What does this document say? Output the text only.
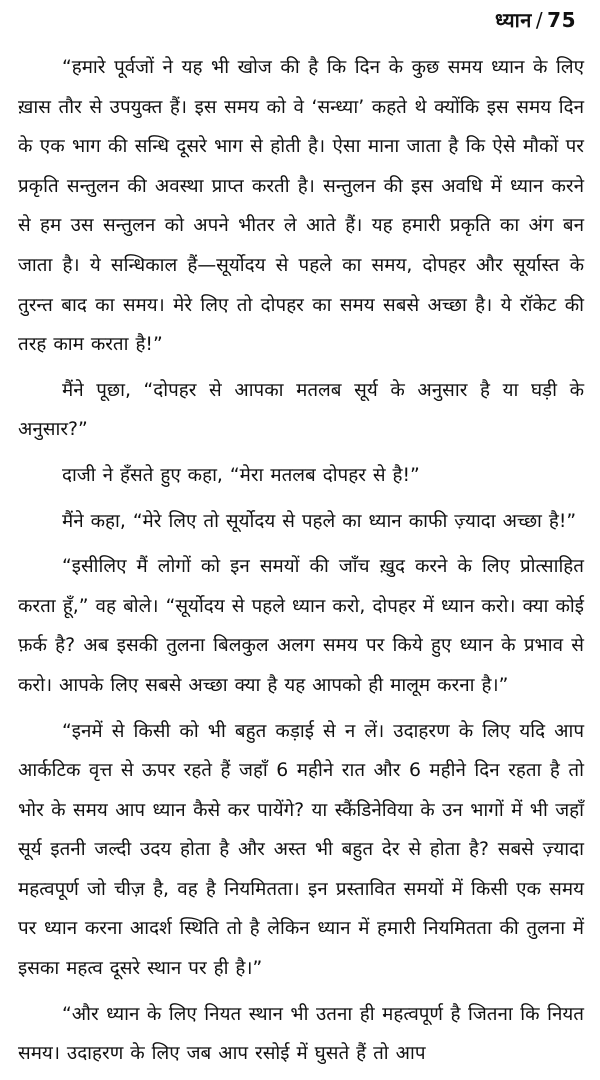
ध्यान / 75

“हमारे पूर्वजों ने यह भी खोज की है कि दिन के कुछ समय ध्यान के लिए ख़ास तौर से उपयुक्त हैं। इस समय को वे ‘सन्ध्या’ कहते थे क्योंकि इस समय दिन के एक भाग की सन्धि दूसरे भाग से होती है। ऐसा माना जाता है कि ऐसे मौकों पर प्रकृति सन्तुलन की अवस्था प्राप्त करती है। सन्तुलन की इस अवधि में ध्यान करने से हम उस सन्तुलन को अपने भीतर ले आते हैं। यह हमारी प्रकृति का अंग बन जाता है। ये सन्धिकाल हैं—सूर्योदय से पहले का समय, दोपहर और सूर्यास्त के तुरन्त बाद का समय। मेरे लिए तो दोपहर का समय सबसे अच्छा है। ये रॉकेट की तरह काम करता है!”

मैंने पूछा, “दोपहर से आपका मतलब सूर्य के अनुसार है या घड़ी के अनुसार?”

दाजी ने हँसते हुए कहा, “मेरा मतलब दोपहर से है!”

मैंने कहा, “मेरे लिए तो सूर्योदय से पहले का ध्यान काफी ज़्यादा अच्छा है!”

“इसीलिए मैं लोगों को इन समयों की जाँच ख़ुद करने के लिए प्रोत्साहित करता हूँ,” वह बोले। “सूर्योदय से पहले ध्यान करो, दोपहर में ध्यान करो। क्या कोई फ़र्क है? अब इसकी तुलना बिलकुल अलग समय पर किये हुए ध्यान के प्रभाव से करो। आपके लिए सबसे अच्छा क्या है यह आपको ही मालूम करना है।”

“इनमें से किसी को भी बहुत कड़ाई से न लें। उदाहरण के लिए यदि आप आर्कटिक वृत्त से ऊपर रहते हैं जहाँ 6 महीने रात और 6 महीने दिन रहता है तो भोर के समय आप ध्यान कैसे कर पायेंगे? या स्कैंडिनेविया के उन भागों में भी जहाँ सूर्य इतनी जल्दी उदय होता है और अस्त भी बहुत देर से होता है? सबसे ज़्यादा महत्वपूर्ण जो चीज़ है, वह है नियमितता। इन प्रस्तावित समयों में किसी एक समय पर ध्यान करना आदर्श स्थिति तो है लेकिन ध्यान में हमारी नियमितता की तुलना में इसका महत्व दूसरे स्थान पर ही है।”

“और ध्यान के लिए नियत स्थान भी उतना ही महत्वपूर्ण है जितना कि नियत समय। उदाहरण के लिए जब आप रसोई में घुसते हैं तो आप
